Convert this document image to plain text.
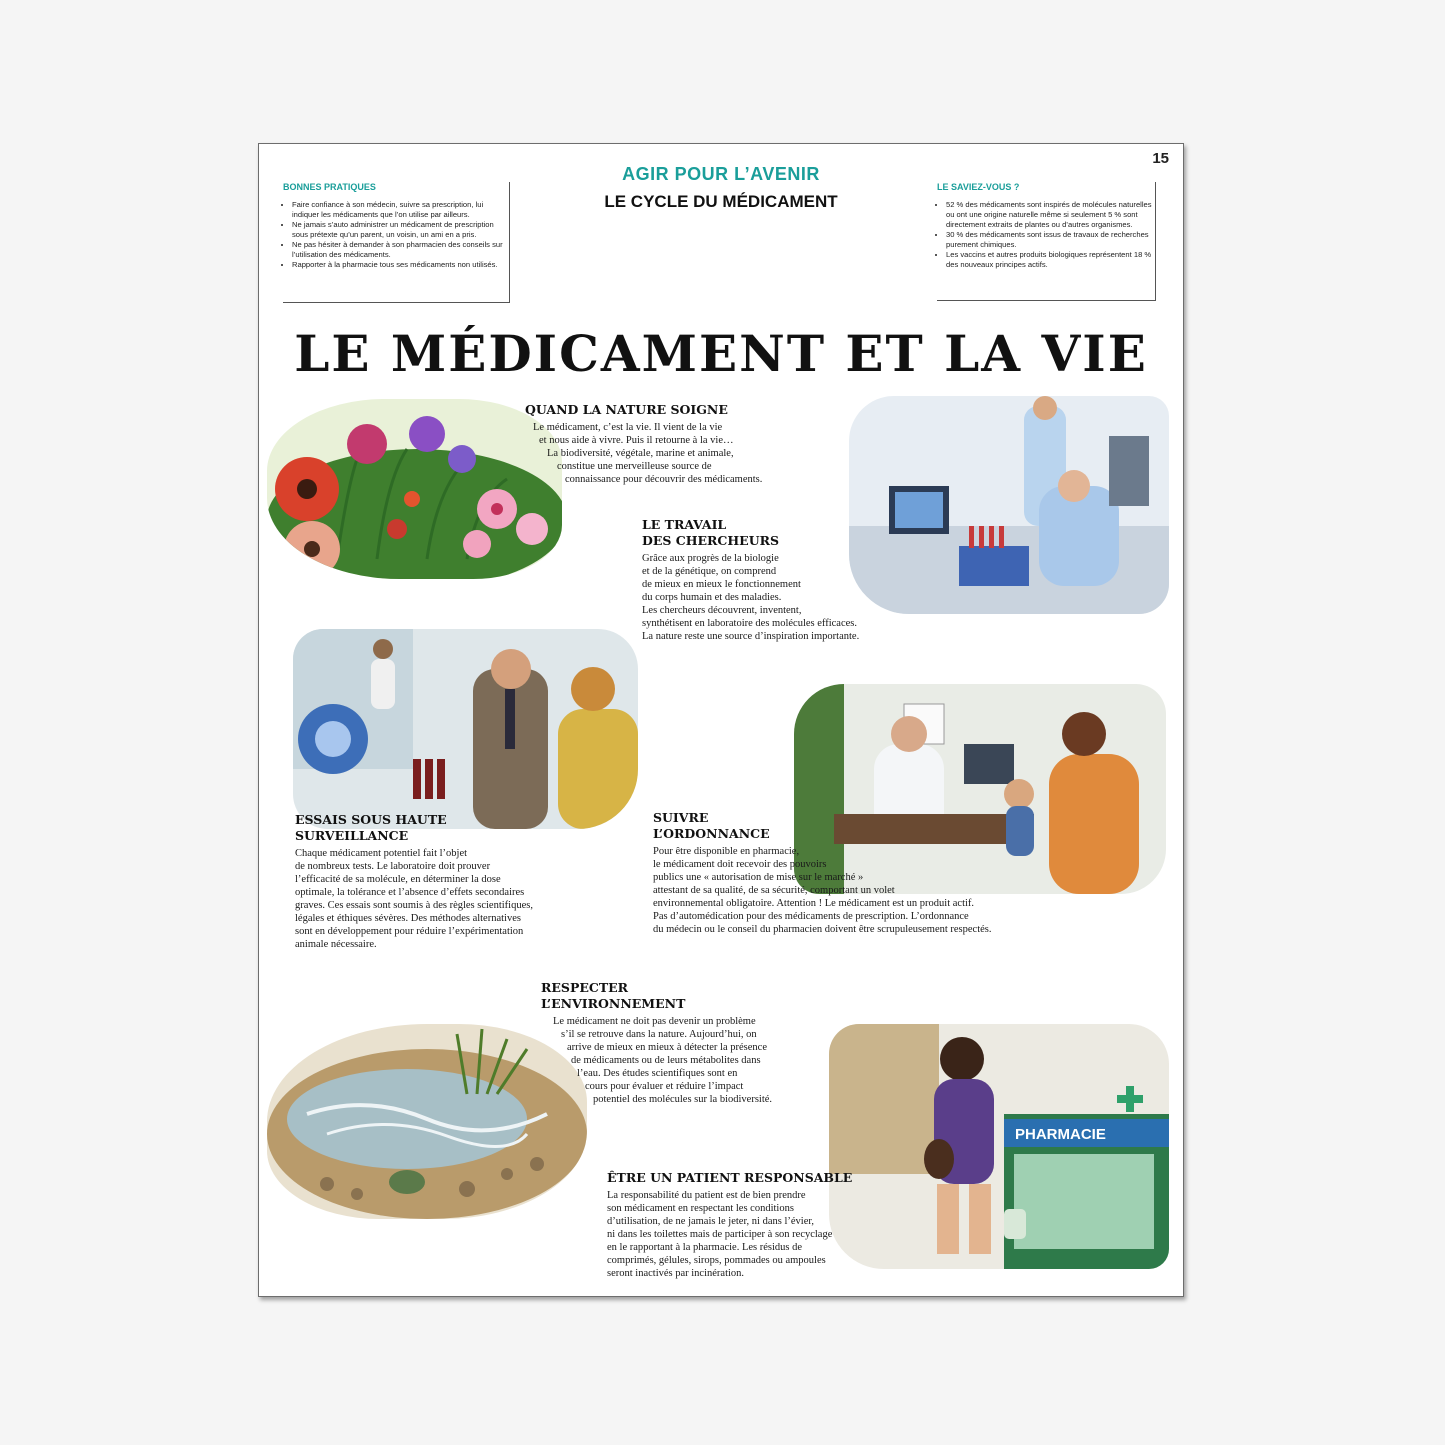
15
AGIR POUR L’AVENIR
LE CYCLE DU MÉDICAMENT
BONNES PRATIQUES
• Faire confiance à son médecin, suivre sa prescription, lui indiquer les médicaments que l’on utilise par ailleurs.
• Ne jamais s’auto administrer un médicament de prescription sous prétexte qu’un parent, un voisin, un ami en a pris.
• Ne pas hésiter à demander à son pharmacien des conseils sur l’utilisation des médicaments.
• Rapporter à la pharmacie tous ses médicaments non utilisés.
LE SAVIEZ-VOUS ?
• 52 % des médicaments sont inspirés de molécules naturelles ou ont une origine naturelle même si seulement 5 % sont directement extraits de plantes ou d’autres organismes.
• 30 % des médicaments sont issus de travaux de recherches purement chimiques.
• Les vaccins et autres produits biologiques représentent 18 % des nouveaux principes actifs.
LE MÉDICAMENT ET LA VIE
PHARMACIE
QUAND LA NATURE SOIGNE
Le médicament, c’est la vie. Il vient de la vie
et nous aide à vivre. Puis il retourne à la vie…
La biodiversité, végétale, marine et animale,
constitue une merveilleuse source de
connaissance pour découvrir des médicaments.
LE TRAVAIL
DES CHERCHEURS
Grâce aux progrès de la biologie
et de la génétique, on comprend
de mieux en mieux le fonctionnement
du corps humain et des maladies.
Les chercheurs découvrent, inventent,
synthétisent en laboratoire des molécules efficaces.
La nature reste une source d’inspiration importante.
ESSAIS SOUS HAUTE
SURVEILLANCE
Chaque médicament potentiel fait l’objet
de nombreux tests. Le laboratoire doit prouver
l’efficacité de sa molécule, en déterminer la dose
optimale, la tolérance et l’absence d’effets secondaires
graves. Ces essais sont soumis à des règles scientifiques,
légales et éthiques sévères. Des méthodes alternatives
sont en développement pour réduire l’expérimentation
animale nécessaire.
SUIVRE
L’ORDONNANCE
Pour être disponible en pharmacie,
le médicament doit recevoir des pouvoirs
publics une « autorisation de mise sur le marché »
attestant de sa qualité, de sa sécurité, comportant un volet
environnemental obligatoire. Attention ! Le médicament est un produit actif.
Pas d’automédication pour des médicaments de prescription. L’ordonnance
du médecin ou le conseil du pharmacien doivent être scrupuleusement respectés.
RESPECTER
L’ENVIRONNEMENT
Le médicament ne doit pas devenir un problème
s’il se retrouve dans la nature. Aujourd’hui, on
arrive de mieux en mieux à détecter la présence
de médicaments ou de leurs métabolites dans
l’eau. Des études scientifiques sont en
cours pour évaluer et réduire l’impact
potentiel des molécules sur la biodiversité.
ÊTRE UN PATIENT RESPONSABLE
La responsabilité du patient est de bien prendre
son médicament en respectant les conditions
d’utilisation, de ne jamais le jeter, ni dans l’évier,
ni dans les toilettes mais de participer à son recyclage
en le rapportant à la pharmacie. Les résidus de
comprimés, gélules, sirops, pommades ou ampoules
seront inactivés par incinération.
